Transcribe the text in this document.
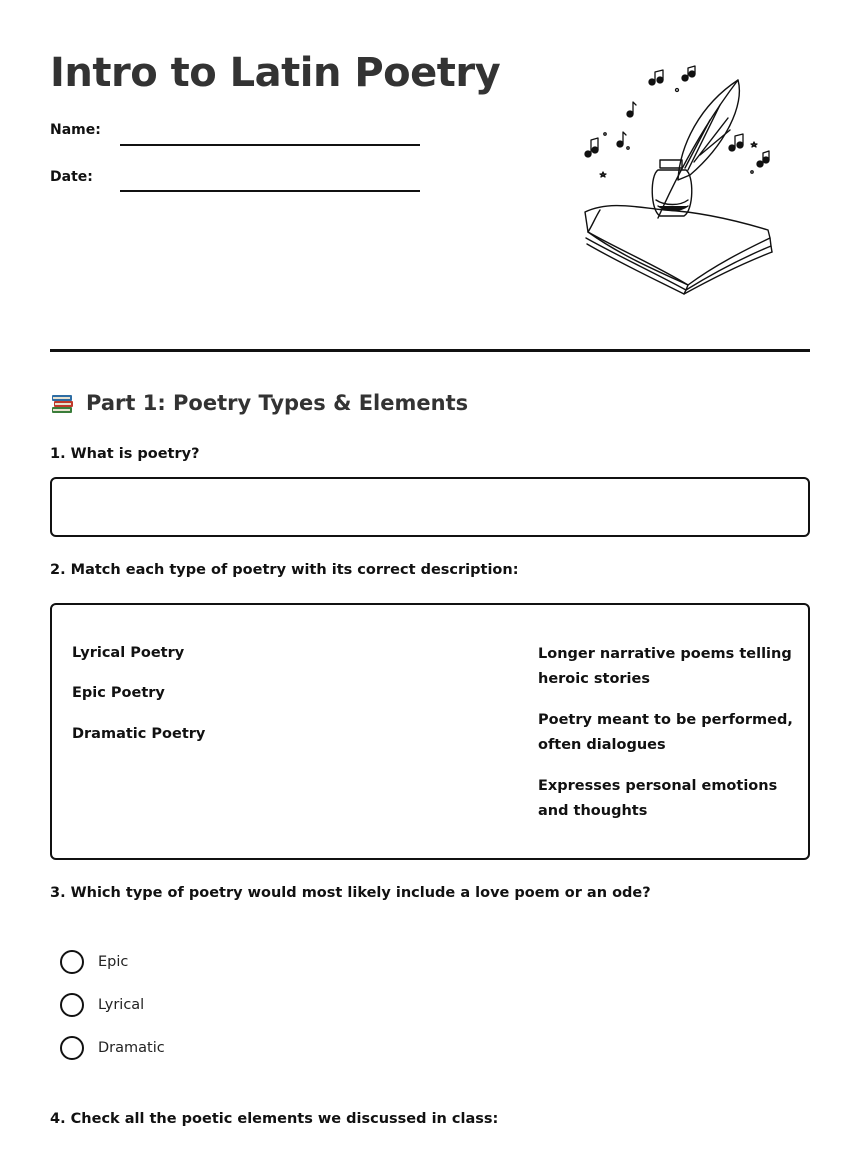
Intro to Latin Poetry
Name:
Date:
Part 1: Poetry Types & Elements
1. What is poetry?
2. Match each type of poetry with its correct description:
Lyrical Poetry
Epic Poetry
Dramatic Poetry
Longer narrative poems telling heroic stories
Poetry meant to be performed, often dialogues
Expresses personal emotions and thoughts
3. Which type of poetry would most likely include a love poem or an ode?
Epic
Lyrical
Dramatic
4. Check all the poetic elements we discussed in class:
